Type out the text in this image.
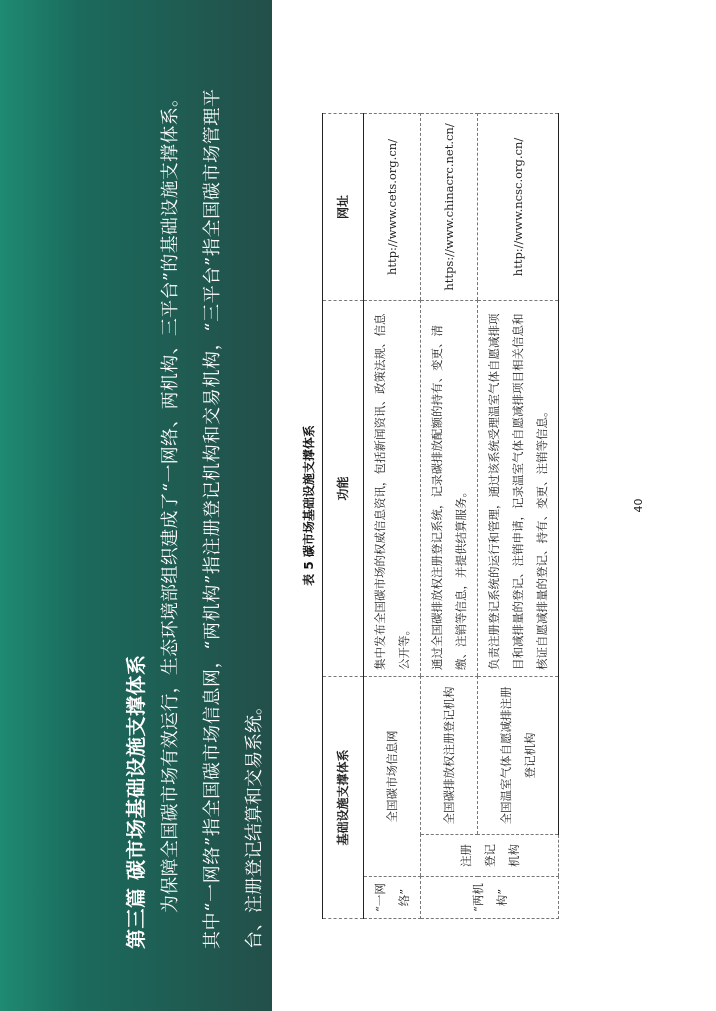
第三篇 碳市场基础设施支撑体系 为保障全国碳市场有效运行，生态环境部组织建成了“一网络、两机构、三平台”的基础设施支撑体系。其中“一网络”指全国碳市场信息网，“两机构”指注册登记机构和交易机构，“三平台”指全国碳市场管理平台、注册登记结算和交易系统。

表 5 碳市场基础设施支撑体系

基础设施支撑体系			功能	网址
“一网络”	全国碳市场信息网		集中发布全国碳市场的权威信息资讯，包括新闻资讯、政策法规、信息公开等。	http://www.cets.org.cn/
“两机构”	注册登记机构	全国碳排放权注册登记机构	通过全国碳排放权注册登记系统，记录碳排放配额的持有、变更、清缴、注销等信息，并提供结算服务。	https://www.chinacrc.net.cn/
		全国温室气体自愿减排注册登记机构	负责注册登记系统的运行和管理，通过该系统受理温室气体自愿减排项目和减排量的登记、注销申请，记录温室气体自愿减排项目相关信息和核证自愿减排量的登记、持有、变更、注销等信息。	http://www.ncsc.org.cn/

40
